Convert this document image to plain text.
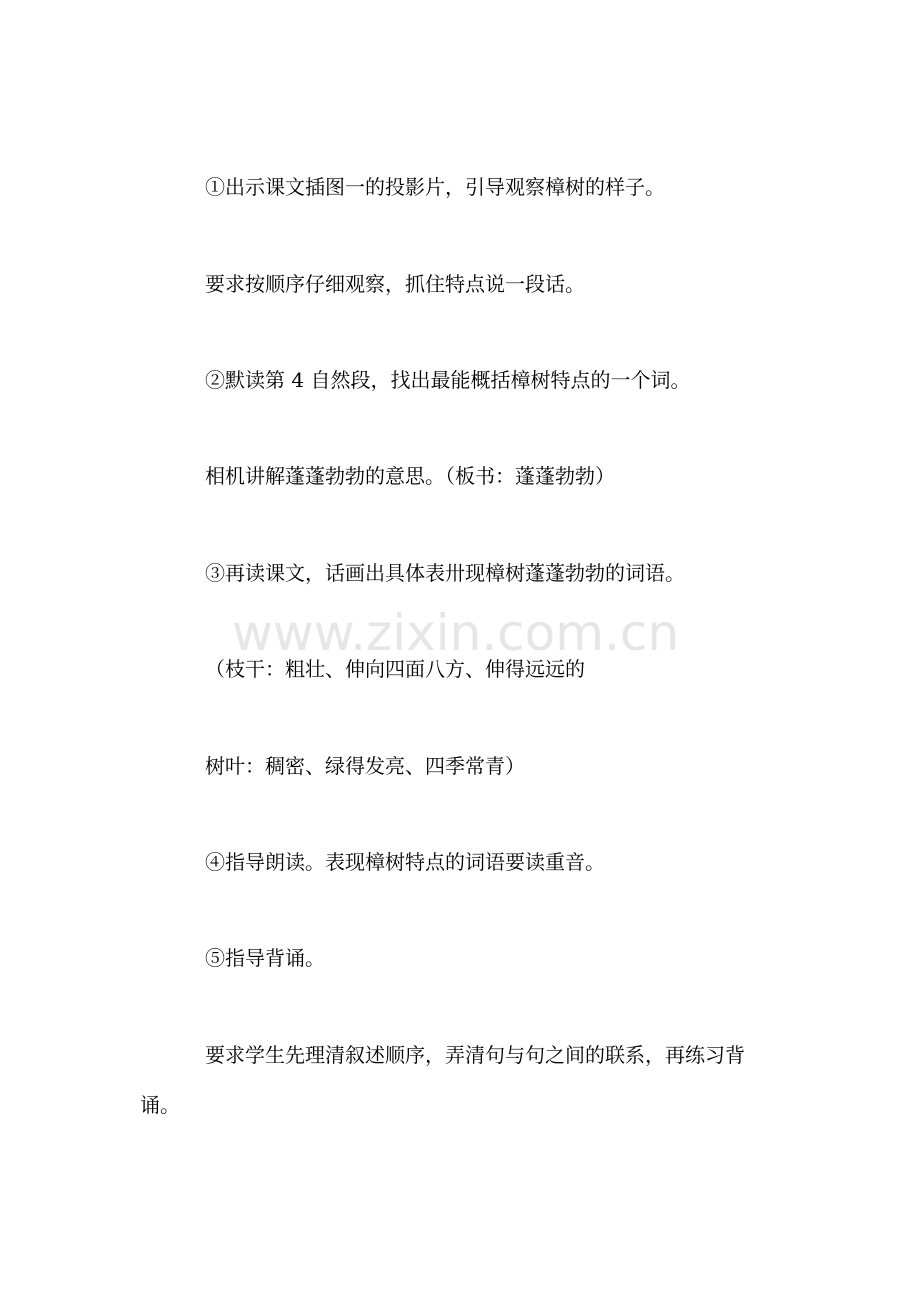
www.zixin.com.cn
①出示课文插图一的投影片，引导观察樟树的样子。
要求按顺序仔细观察，抓住特点说一段话。
②默读第 4 自然段，找出最能概括樟树特点的一个词。
相机讲解蓬蓬勃勃的意思。（板书：蓬蓬勃勃）
③再读课文，话画出具体表卅现樟树蓬蓬勃勃的词语。
（枝干：粗壮、伸向四面八方、伸得远远的
树叶：稠密、绿得发亮、四季常青）
④指导朗读。表现樟树特点的词语要读重音。
⑤指导背诵。
要求学生先理清叙述顺序，弄清句与句之间的联系，再练习背
诵。
